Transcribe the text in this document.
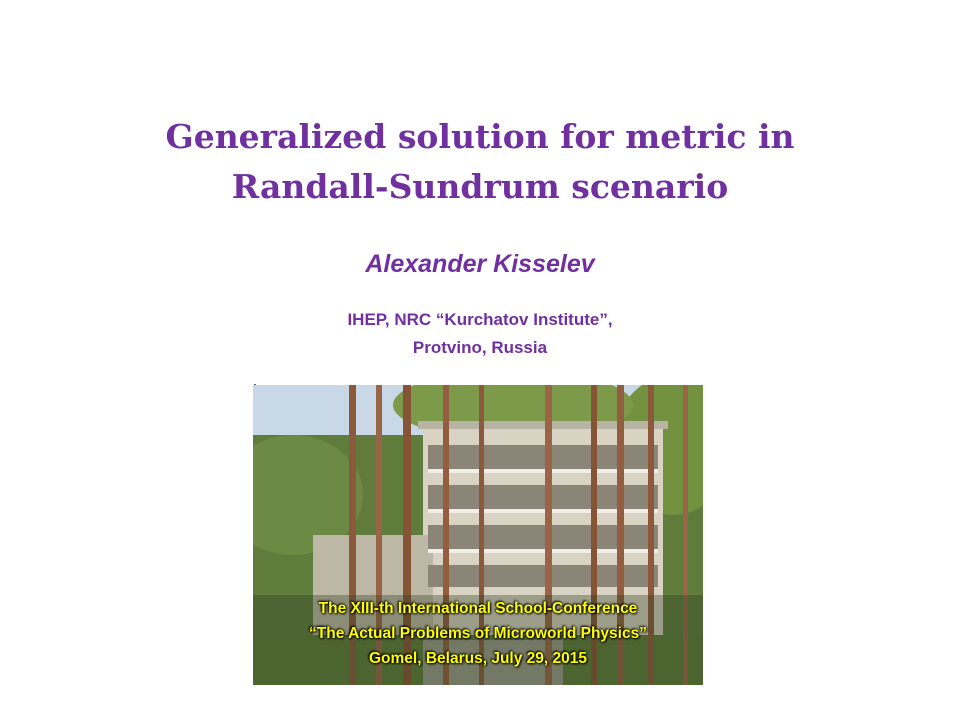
Generalized solution for metric in
Randall-Sundrum scenario
Alexander Kisselev
IHEP, NRC “Kurchatov Institute”,
Protvino, Russia
The XIII-th International School-Conference
“The Actual Problems of Microworld Physics”
Gomel, Belarus, July 29, 2015
